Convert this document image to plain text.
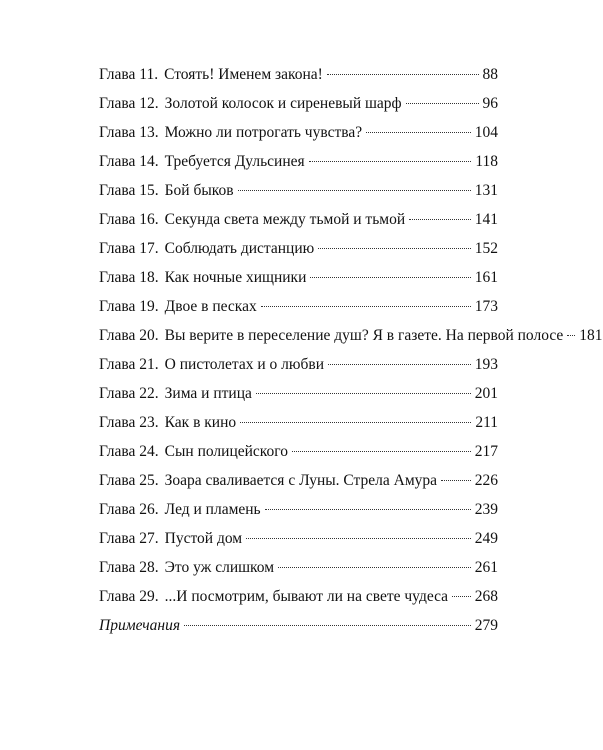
Глава 11. Стоять! Именем закона!	88
Глава 12. Золотой колосок и сиреневый шарф	96
Глава 13. Можно ли потрогать чувства?	104
Глава 14. Требуется Дульсинея	118
Глава 15. Бой быков	131
Глава 16. Секунда света между тьмой и тьмой	141
Глава 17. Соблюдать дистанцию	152
Глава 18. Как ночные хищники	161
Глава 19. Двое в песках	173
Глава 20. Вы верите в переселение душ? Я в газете. На первой полосе 181
Глава 21. О пистолетах и о любви	193
Глава 22. Зима и птица	201
Глава 23. Как в кино	211
Глава 24. Сын полицейского	217
Глава 25. Зоара сваливается с Луны. Стрела Амура 226
Глава 26. Лед и пламень	239
Глава 27. Пустой дом	249
Глава 28. Это уж слишком	261
Глава 29. ...И посмотрим, бывают ли на свете чудеса 268
Примечания	279
